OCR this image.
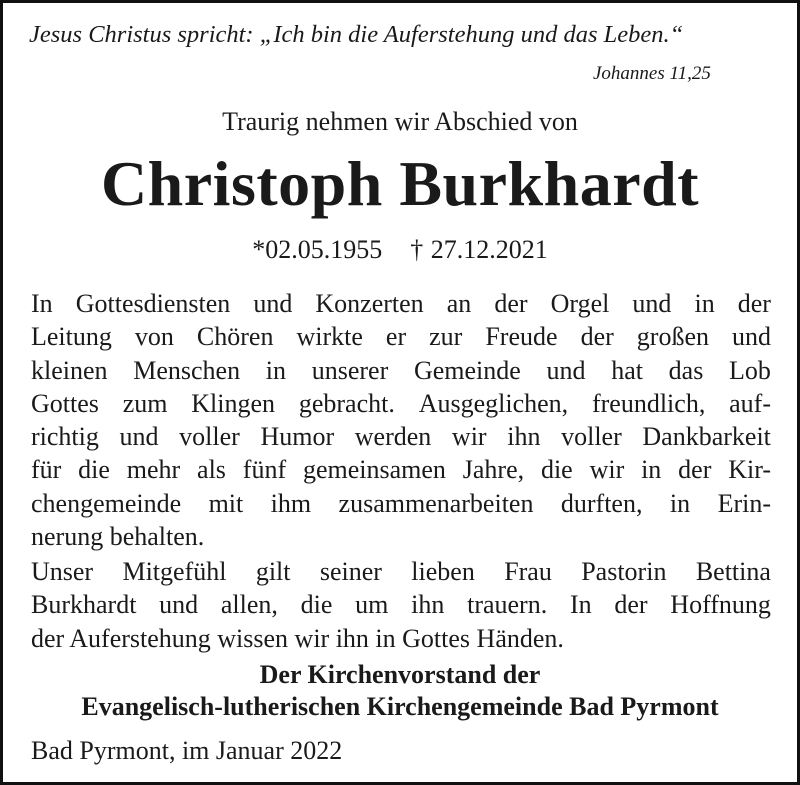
Jesus Christus spricht: „Ich bin die Auferstehung und das Leben.“

Johannes 11,25

Traurig nehmen wir Abschied von

Christoph Burkhardt

*02.05.1955 † 27.12.2021

In Gottesdiensten und Konzerten an der Orgel und in der
Leitung von Chören wirkte er zur Freude der großen und
kleinen Menschen in unserer Gemeinde und hat das Lob
Gottes zum Klingen gebracht. Ausgeglichen, freundlich, auf-
richtig und voller Humor werden wir ihn voller Dankbarkeit
für die mehr als fünf gemeinsamen Jahre, die wir in der Kir-
chengemeinde mit ihm zusammenarbeiten durften, in Erin-
nerung behalten.
Unser Mitgefühl gilt seiner lieben Frau Pastorin Bettina
Burkhardt und allen, die um ihn trauern. In der Hoffnung
der Auferstehung wissen wir ihn in Gottes Händen.

Der Kirchenvorstand der

Evangelisch-lutherischen Kirchengemeinde Bad Pyrmont

Bad Pyrmont, im Januar 2022
